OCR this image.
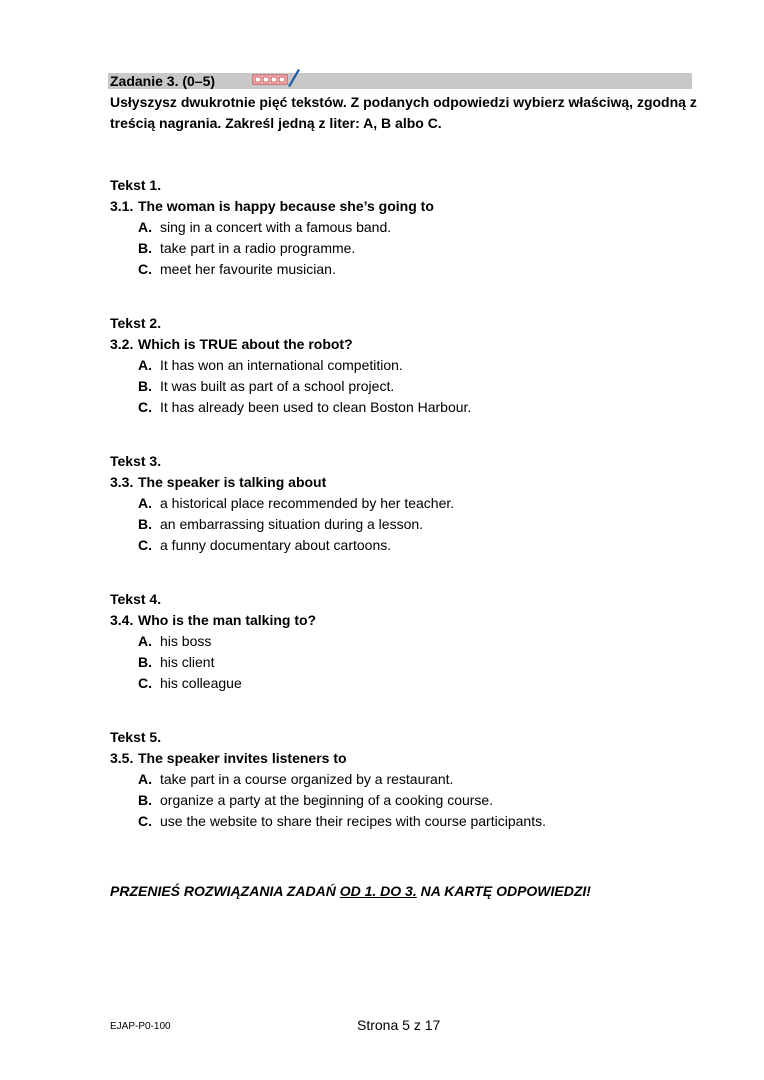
Zadanie 3. (0–5)
Usłyszysz dwukrotnie pięć tekstów. Z podanych odpowiedzi wybierz właściwą, zgodną z treścią nagrania. Zakreśl jedną z liter: A, B albo C.
Tekst 1.
3.1. The woman is happy because she’s going to
A. sing in a concert with a famous band.
B. take part in a radio programme.
C. meet her favourite musician.
Tekst 2.
3.2. Which is TRUE about the robot?
A. It has won an international competition.
B. It was built as part of a school project.
C. It has already been used to clean Boston Harbour.
Tekst 3.
3.3. The speaker is talking about
A. a historical place recommended by her teacher.
B. an embarrassing situation during a lesson.
C. a funny documentary about cartoons.
Tekst 4.
3.4. Who is the man talking to?
A. his boss
B. his client
C. his colleague
Tekst 5.
3.5. The speaker invites listeners to
A. take part in a course organized by a restaurant.
B. organize a party at the beginning of a cooking course.
C. use the website to share their recipes with course participants.
PRZENIEŚ ROZWIĄZANIA ZADAŃ OD 1. DO 3. NA KARTĘ ODPOWIEDZI!
EJAP-P0-100	Strona 5 z 17
